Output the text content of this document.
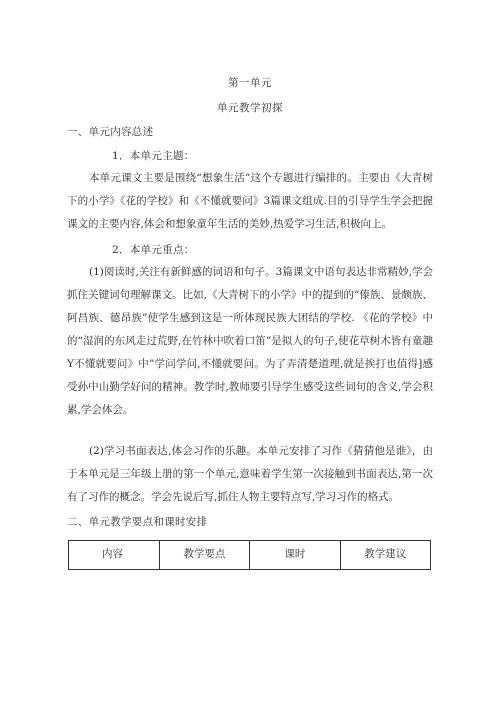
第一单元
单元教学初探
一、单元内容总述
1．本单元主题：

本单元课文主要是围绕“想象生活”这个专题进行编排的。主要由《大青树下的小学》《花的学校》和《不懂就要问》3篇课文组成.目的引导学生学会把握课文的主要内容,体会和想象童年生活的美妙,热爱学习生活,积极向上。

2．本单元重点：

(1)阅读时,关注有新鲜感的词语和句子。3篇课文中语句表达非常精妙,学会抓住关键词句理解课文。比如,《大青树下的小学》中的提到的“傣族、景颇族、阿昌族、德昂族”使学生感到这是一所体现民族大团结的学校. 《花的学校》中的“湿润的东风走过荒野,在竹林中吹着口笛”是拟人的句子,使花草树木皆有童趣Y不懂就要问》中”学问学问,不懂就要问。为了弄清楚道理,就是挨打也值得]感受孙中山勤学好问的精神。教学时,教师要引导学生感受这些词句的含义,学会积累,学会体会。

(2)学习书面表达,体会习作的乐趣。本单元安排了习作《猜猜他是谁》，由于本单元是三年级上册的第一个单元,意味着学生第一次接触到书面表达,第一次有了习作的概念。学会先说后写,抓住人物主要特点写,学习习作的格式。

二、单元教学要点和课时安排
内容	教学要点	课时	教学建议
